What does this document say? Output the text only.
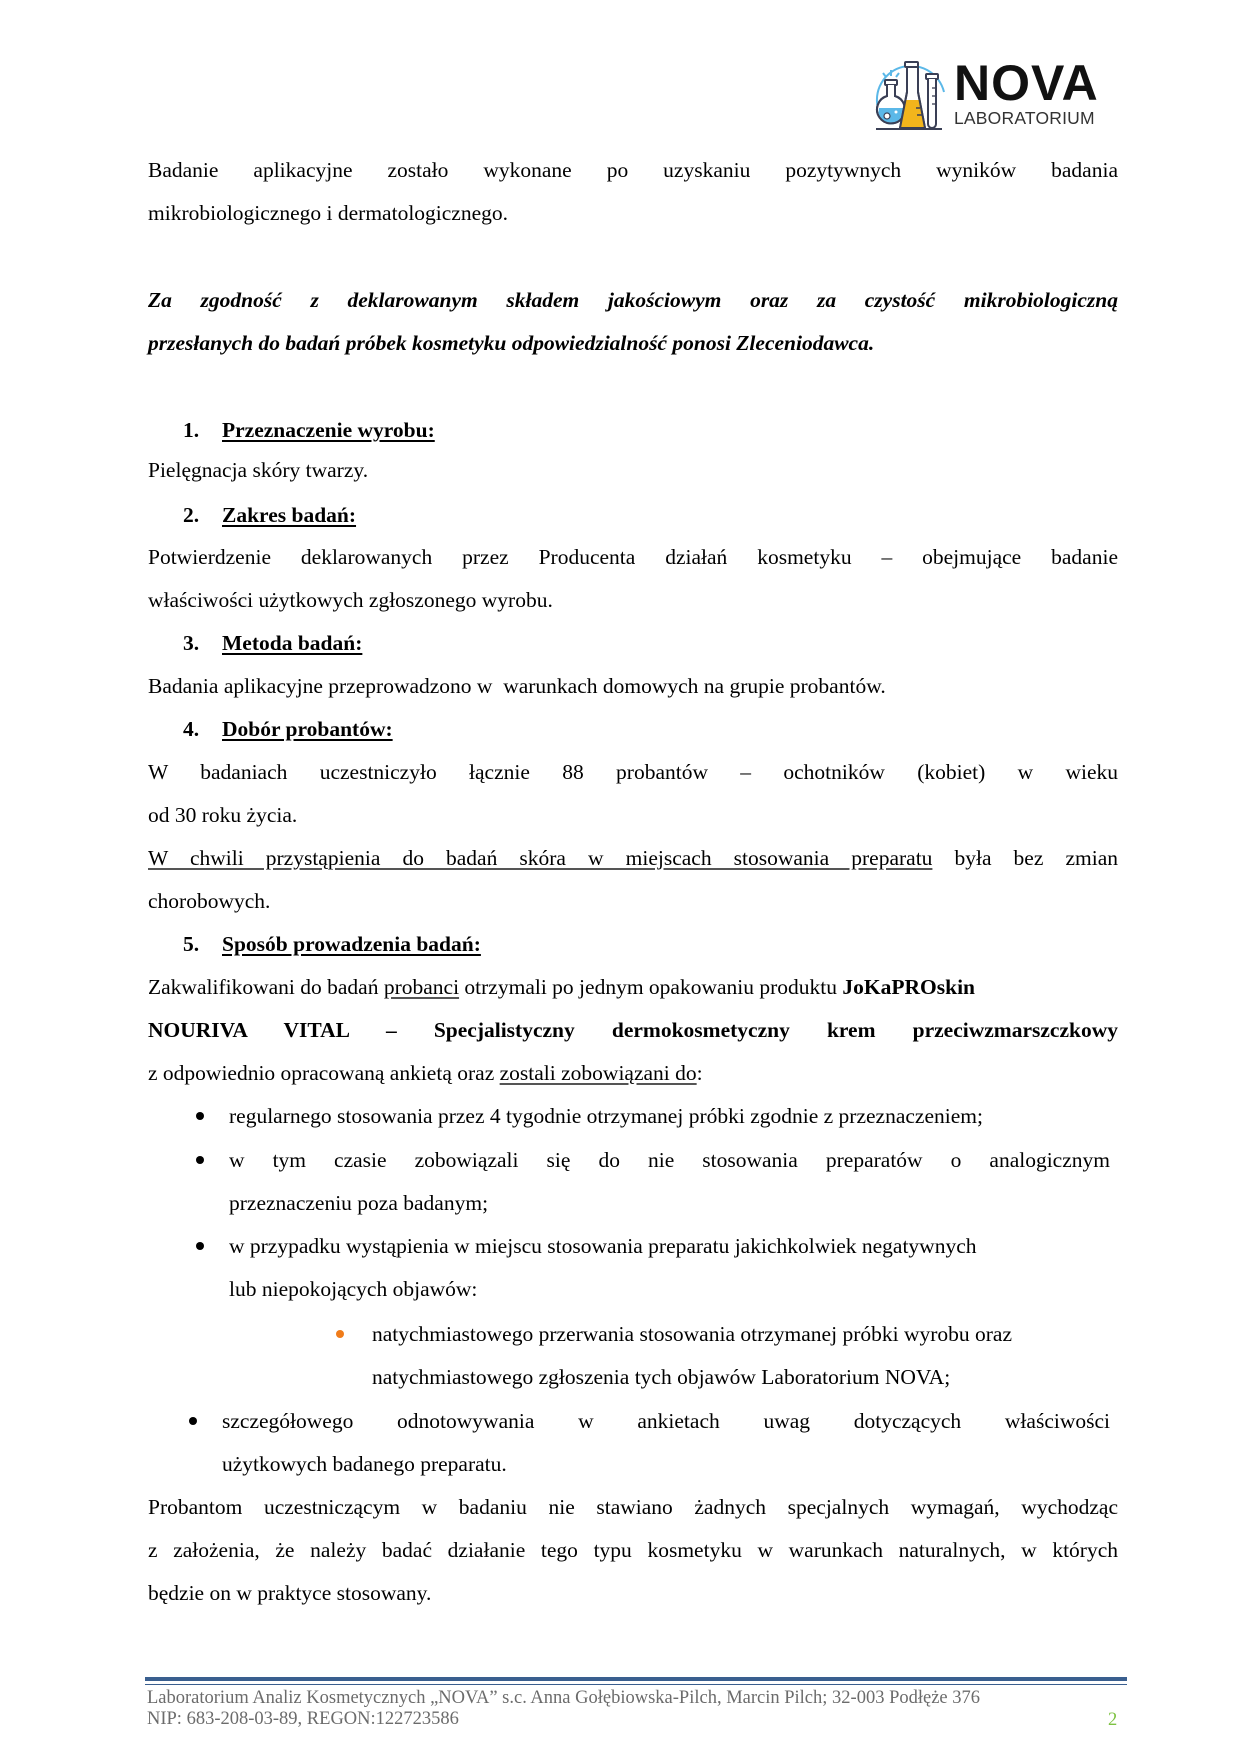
NOVA
LABORATORIUM
Badanie aplikacyjne zostało wykonane po uzyskaniu pozytywnych wyników badania
mikrobiologicznego i dermatologicznego.
Za zgodność z deklarowanym składem jakościowym oraz za czystość mikrobiologiczną
przesłanych do badań próbek kosmetyku odpowiedzialność ponosi Zleceniodawca.
1. Przeznaczenie wyrobu:
Pielęgnacja skóry twarzy.
2. Zakres badań:
Potwierdzenie deklarowanych przez Producenta działań kosmetyku – obejmujące badanie
właściwości użytkowych zgłoszonego wyrobu.
3. Metoda badań:
Badania aplikacyjne przeprowadzono w  warunkach domowych na grupie probantów.
4. Dobór probantów:
W badaniach uczestniczyło łącznie 88 probantów – ochotników (kobiet) w wieku
od 30 roku życia.
W chwili przystąpienia do badań skóra w miejscach stosowania preparatu była bez zmian
chorobowych.
5. Sposób prowadzenia badań:
Zakwalifikowani do badań probanci otrzymali po jednym opakowaniu produktu JoKaPROskin
NOURIVA VITAL – Specjalistyczny dermokosmetyczny krem przeciwzmarszczkowy
z odpowiednio opracowaną ankietą oraz zostali zobowiązani do:
regularnego stosowania przez 4 tygodnie otrzymanej próbki zgodnie z przeznaczeniem;
w tym czasie zobowiązali się do nie stosowania preparatów o analogicznym
przeznaczeniu poza badanym;
w przypadku wystąpienia w miejscu stosowania preparatu jakichkolwiek negatywnych
lub niepokojących objawów:
natychmiastowego przerwania stosowania otrzymanej próbki wyrobu oraz
natychmiastowego zgłoszenia tych objawów Laboratorium NOVA;
szczegółowego odnotowywania w ankietach uwag dotyczących właściwości
użytkowych badanego preparatu.
Probantom uczestniczącym w badaniu nie stawiano żadnych specjalnych wymagań, wychodząc
z założenia, że należy badać działanie tego typu kosmetyku w warunkach naturalnych, w których
będzie on w praktyce stosowany.
Laboratorium Analiz Kosmetycznych „NOVA” s.c. Anna Gołębiowska-Pilch, Marcin Pilch; 32-003 Podłęże 376
NIP: 683-208-03-89, REGON:122723586	2
